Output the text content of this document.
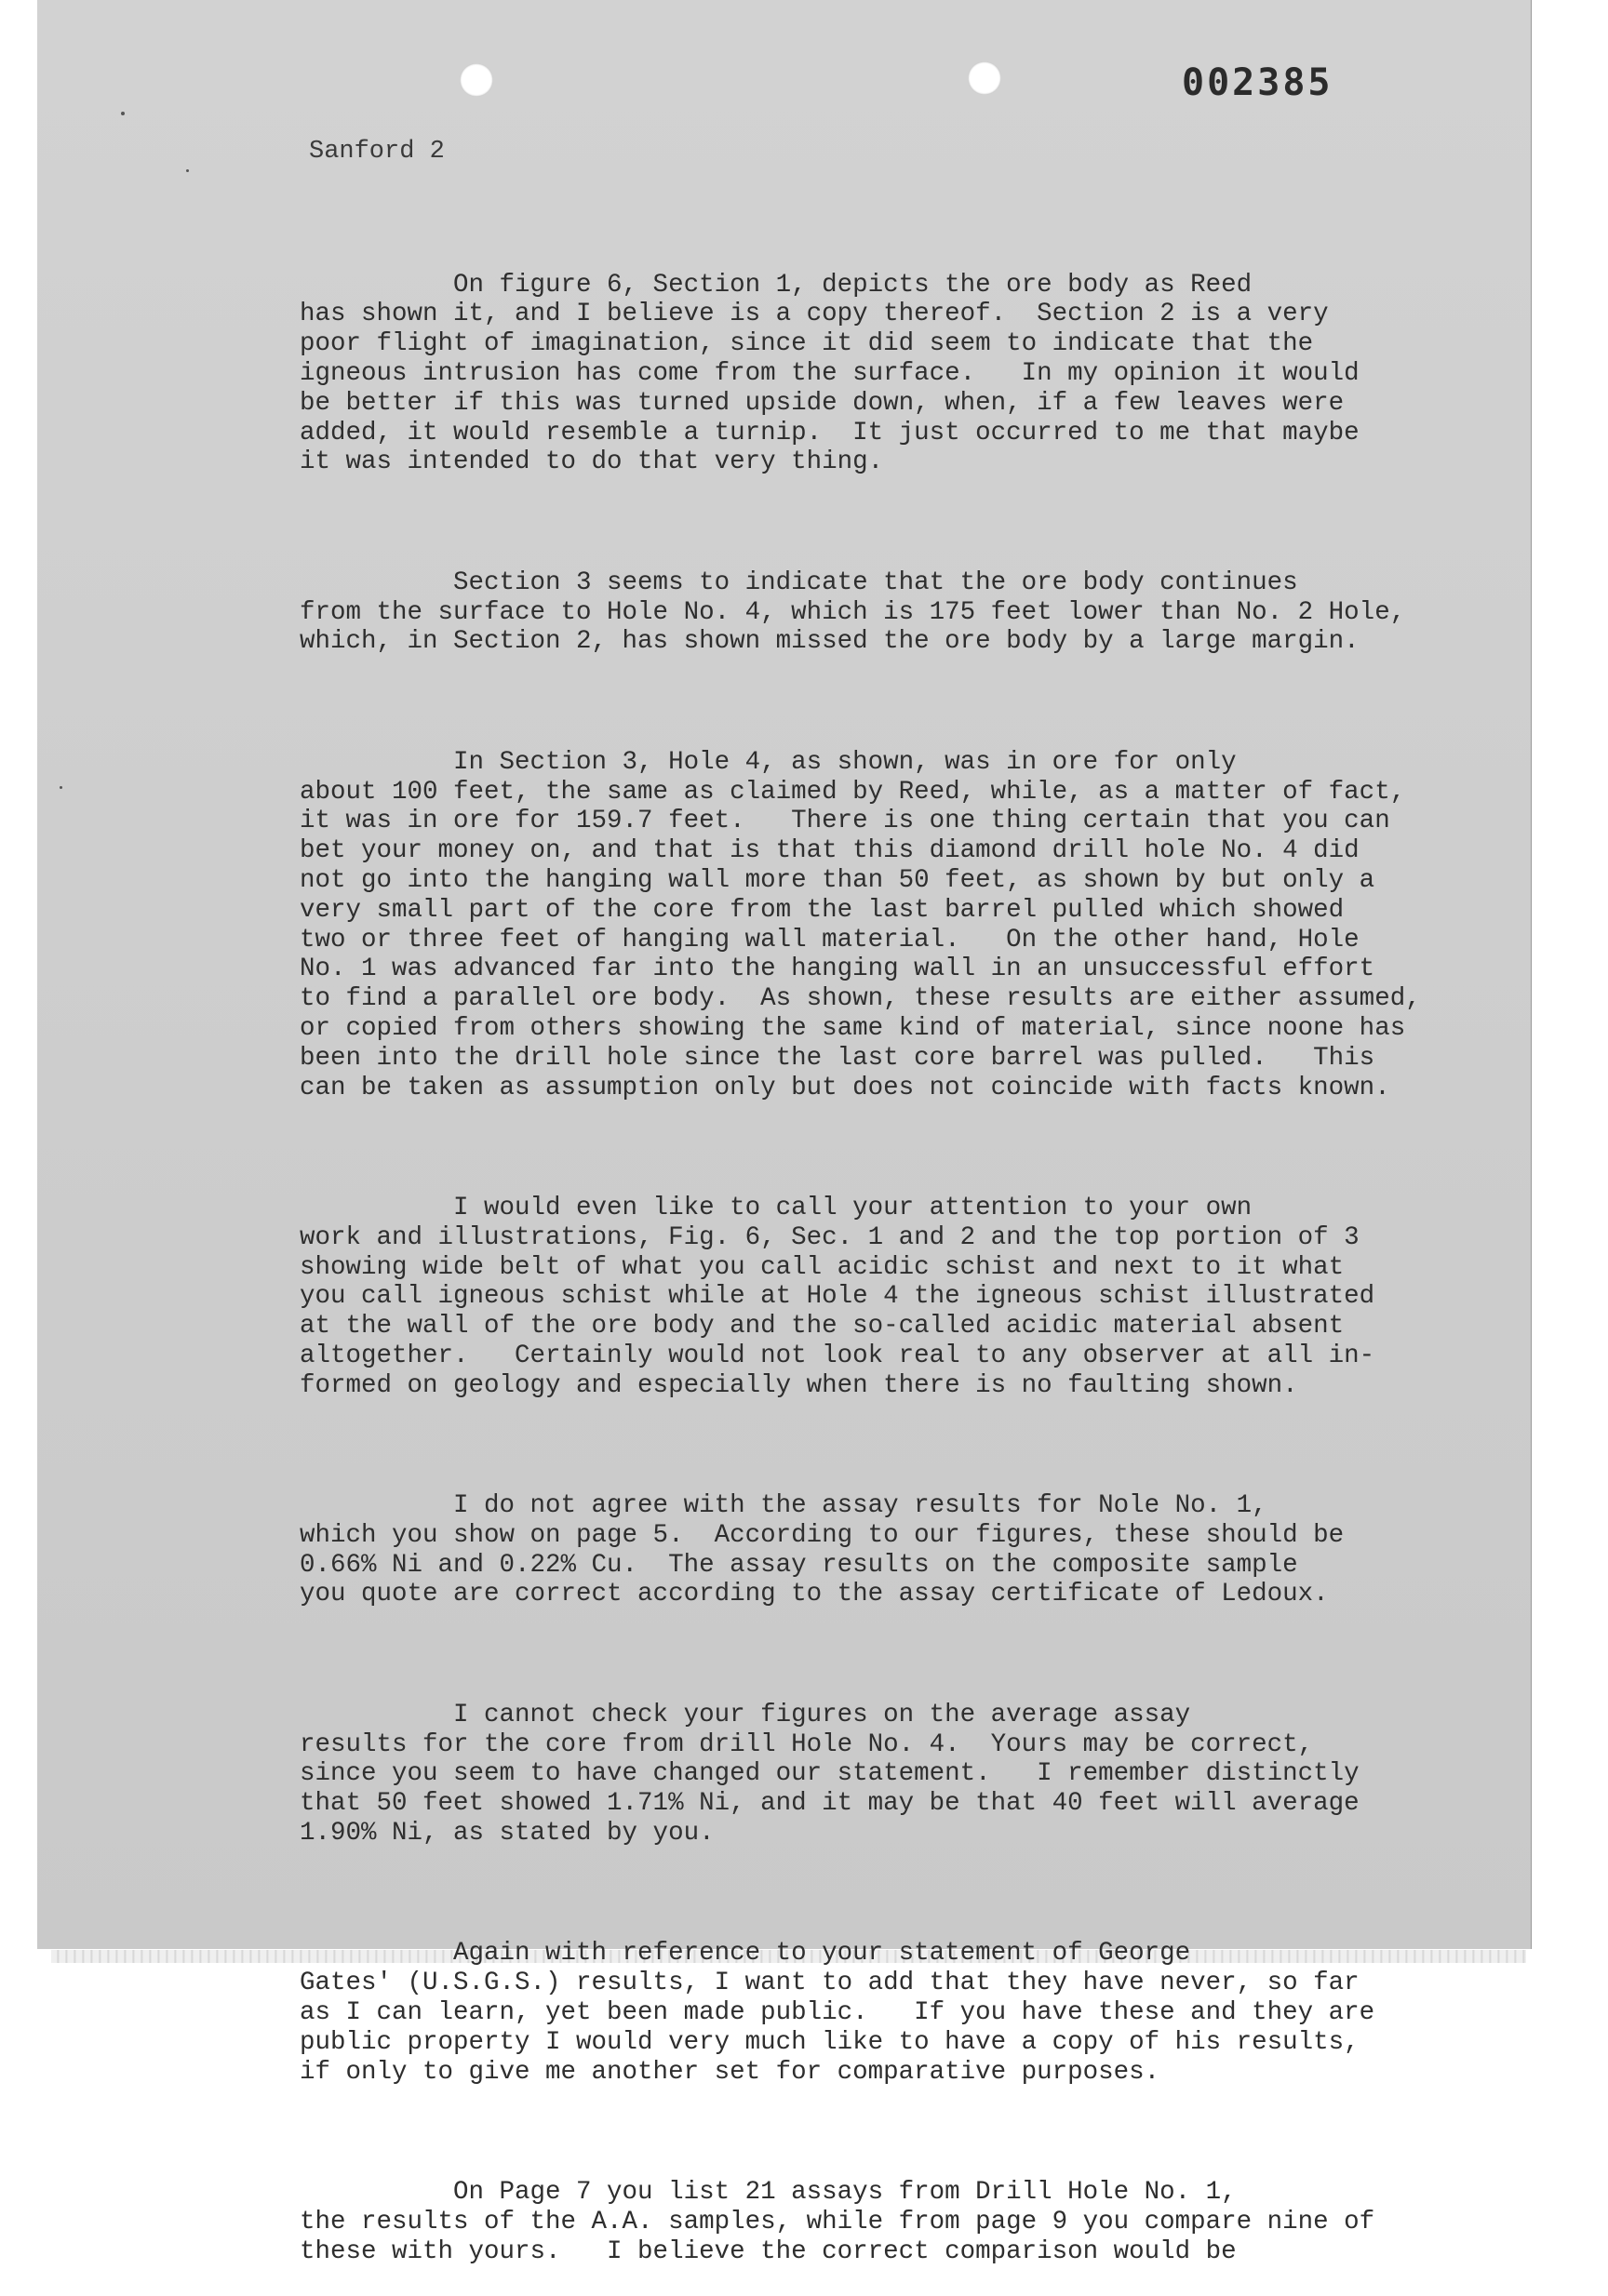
002385
Sanford 2

On figure 6, Section 1, depicts the ore body as Reed
has shown it, and I believe is a copy thereof.  Section 2 is a very
poor flight of imagination, since it did seem to indicate that the
igneous intrusion has come from the surface.   In my opinion it would
be better if this was turned upside down, when, if a few leaves were
added, it would resemble a turnip.  It just occurred to me that maybe
it was intended to do that very thing.

Section 3 seems to indicate that the ore body continues
from the surface to Hole No. 4, which is 175 feet lower than No. 2 Hole,
which, in Section 2, has shown missed the ore body by a large margin.

In Section 3, Hole 4, as shown, was in ore for only
about 100 feet, the same as claimed by Reed, while, as a matter of fact,
it was in ore for 159.7 feet.   There is one thing certain that you can
bet your money on, and that is that this diamond drill hole No. 4 did
not go into the hanging wall more than 50 feet, as shown by but only a
very small part of the core from the last barrel pulled which showed
two or three feet of hanging wall material.   On the other hand, Hole
No. 1 was advanced far into the hanging wall in an unsuccessful effort
to find a parallel ore body.  As shown, these results are either assumed,
or copied from others showing the same kind of material, since noone has
been into the drill hole since the last core barrel was pulled.   This
can be taken as assumption only but does not coincide with facts known.

I would even like to call your attention to your own
work and illustrations, Fig. 6, Sec. 1 and 2 and the top portion of 3
showing wide belt of what you call acidic schist and next to it what
you call igneous schist while at Hole 4 the igneous schist illustrated
at the wall of the ore body and the so-called acidic material absent
altogether.   Certainly would not look real to any observer at all in-
formed on geology and especially when there is no faulting shown.

I do not agree with the assay results for Nole No. 1,
which you show on page 5.  According to our figures, these should be
0.66% Ni and 0.22% Cu.  The assay results on the composite sample
you quote are correct according to the assay certificate of Ledoux.

I cannot check your figures on the average assay
results for the core from drill Hole No. 4.  Yours may be correct,
since you seem to have changed our statement.   I remember distinctly
that 50 feet showed 1.71% Ni, and it may be that 40 feet will average
1.90% Ni, as stated by you.

Again with reference to your statement of George
Gates' (U.S.G.S.) results, I want to add that they have never, so far
as I can learn, yet been made public.   If you have these and they are
public property I would very much like to have a copy of his results,
if only to give me another set for comparative purposes.

On Page 7 you list 21 assays from Drill Hole No. 1,
the results of the A.A. samples, while from page 9 you compare nine of
these with yours.   I believe the correct comparison would be
